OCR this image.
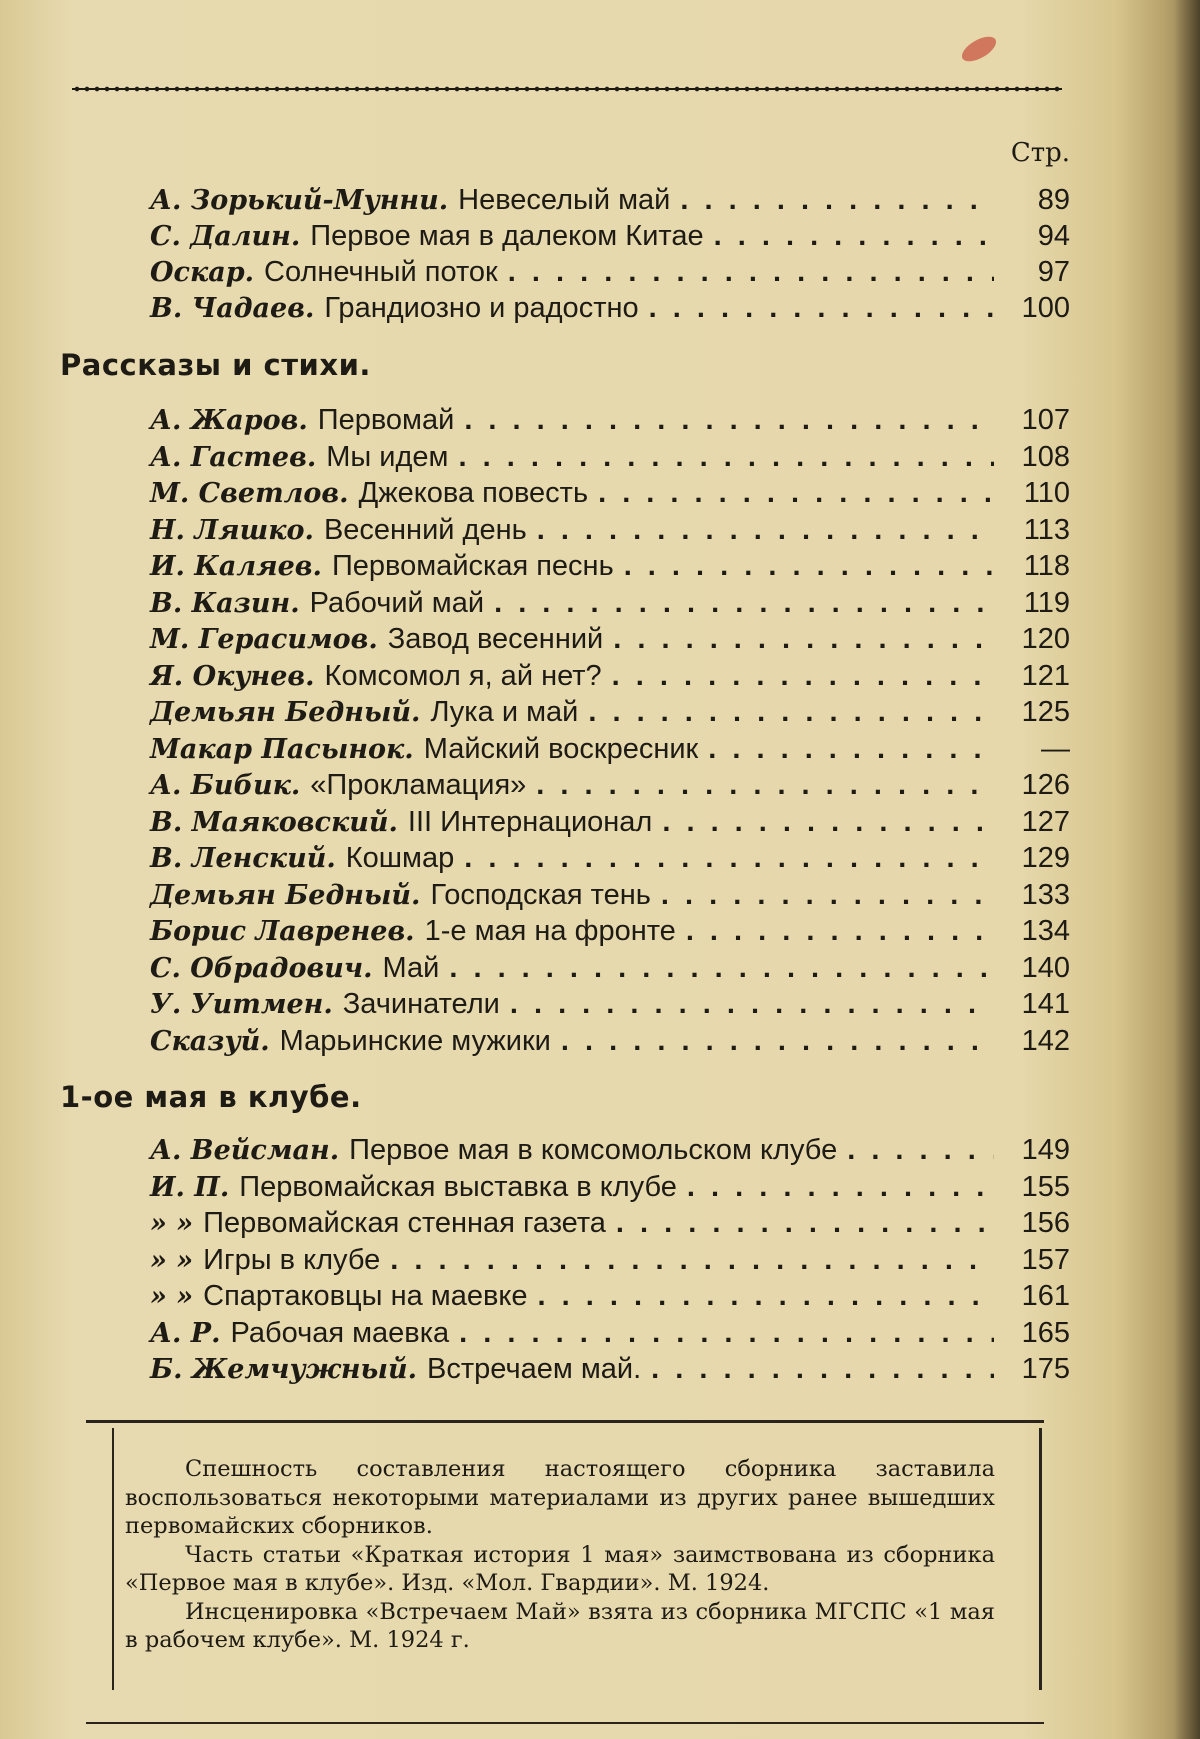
Стр.
А. Зорький-Мунни. Невеселый май . . .	89
С. Далин. Первое мая в далеком Китае . . .	94
Оскар. Солнечный поток . . .	97
В. Чадаев. Грандиозно и радостно . . .	100
Рассказы и стихи.
А. Жаров. Первомай . . .	107
А. Гастев. Мы идем . . .	108
М. Светлов. Джекова повесть . . .	110
Н. Ляшко. Весенний день . . .	113
И. Каляев. Первомайская песнь . . .	118
В. Казин. Рабочий май . . .	119
М. Герасимов. Завод весенний . . .	120
Я. Окунев. Комсомол я, ай нет? . . .	121
Демьян Бедный. Лука и май . . .	125
Макар Пасынок. Майский воскресник . . .	—
А. Бибик. «Прокламация» . . .	126
В. Маяковский. III Интернационал . . .	127
В. Ленский. Кошмар . . .	129
Демьян Бедный. Господская тень . . .	133
Борис Лавренев. 1-е мая на фронте . . .	134
С. Обрадович. Май . . .	140
У. Уитмен. Зачинатели . . .	141
Сказуй. Марьинские мужики . . .	142
1-ое мая в клубе.
А. Вейсман. Первое мая в комсомольском клубе . . .	149
И. П. Первомайская выставка в клубе . . .	155
» » Первомайская стенная газета . . .	156
» » Игры в клубе . . .	157
» » Спартаковцы на маевке . . .	161
А. Р. Рабочая маевка . . .	165
Б. Жемчужный. Встречаем май. . . .	175

Спешность составления настоящего сборника заставила воспользоваться некоторыми материалами из других ранее вышедших первомайских сборников.

Часть статьи «Краткая история 1 мая» заимствована из сборника «Первое мая в клубе». Изд. «Мол. Гвардии». М. 1924.

Инсценировка «Встречаем Май» взята из сборника МГСПС «1 мая в рабочем клубе». М. 1924 г.
